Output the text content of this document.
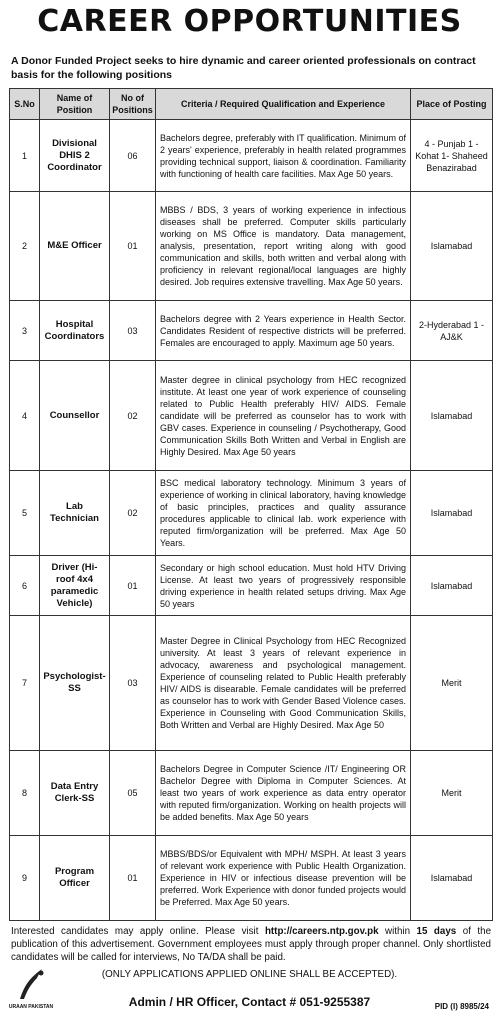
CAREER OPPORTUNITIES
A Donor Funded Project seeks to hire dynamic and career oriented professionals on contract basis for the following positions
S.No	Name of Position	No of Positions	Criteria / Required Qualification and Experience	Place of Posting
1	Divisional DHIS 2 Coordinator	06	Bachelors degree, preferably with IT qualification. Minimum of 2 years' experience, preferably in health related programmes providing technical support, liaison & coordination. Familiarity with functioning of health care facilities. Max Age 50 years.	4 - Punjab 1 - Kohat 1- Shaheed Benazirabad
2	M&E Officer	01	MBBS / BDS, 3 years of working experience in infectious diseases shall be preferred. Computer skills particularly working on MS Office is mandatory. Data management, analysis, presentation, report writing along with good communication and skills, both written and verbal along with proficiency in relevant regional/local languages are highly desired. Job requires extensive travelling. Max Age 50 years.	Islamabad
3	Hospital Coordinators	03	Bachelors degree with 2 Years experience in Health Sector. Candidates Resident of respective districts will be preferred. Females are encouraged to apply. Maximum age 50 years.	2-Hyderabad 1 - AJ&K
4	Counsellor	02	Master degree in clinical psychology from HEC recognized institute. At least one year of work experience of counseling related to Public Health preferably HIV/ AIDS. Female candidate will be preferred as counselor has to work with GBV cases. Experience in counseling / Psychotherapy, Good Communication Skills Both Written and Verbal in English are Highly Desired. Max Age 50 years	Islamabad
5	Lab Technician	02	BSC medical laboratory technology. Minimum 3 years of experience of working in clinical laboratory, having knowledge of basic principles, practices and quality assurance procedures applicable to clinical lab. work experience with reputed firm/organization will be preferred. Max Age 50 Years.	Islamabad
6	Driver (Hi-roof 4x4 paramedic Vehicle)	01	Secondary or high school education. Must hold HTV Driving License. At least two years of progressively responsible driving experience in health related setups driving. Max Age 50 years	Islamabad
7	Psychologist-SS	03	Master Degree in Clinical Psychology from HEC Recognized university. At least 3 years of relevant experience in advocacy, awareness and psychological management. Experience of counseling related to Public Health preferably HIV/ AIDS is disearable. Female candidates will be preferred as counselor has to work with Gender Based Violence cases. Experience in Counseling with Good Communication Skills, Both Written and Verbal are Highly Desired. Max Age 50	Merit
8	Data Entry Clerk-SS	05	Bachelors Degree in Computer Science /IT/ Engineering OR Bachelor Degree with Diploma in Computer Sciences. At least two years of work experience as data entry operator with reputed firm/organization. Working on health projects will be added benefits. Max Age 50 years	Merit
9	Program Officer	01	MBBS/BDS/or Equivalent with MPH/ MSPH. At least 3 years of relevant work experience with Public Health Organization. Experience in HIV or infectious disease prevention will be preferred. Work Experience with donor funded projects would be Preferred. Max Age 50 years.	Islamabad
Interested candidates may apply online. Please visit http://careers.ntp.gov.pk within 15 days of the publication of this advertisement. Government employees must apply through proper channel. Only shortlisted candidates will be called for interviews, No TA/DA shall be paid.
(ONLY APPLICATIONS APPLIED ONLINE SHALL BE ACCEPTED).
URAAN PAKISTAN	Admin / HR Officer, Contact # 051-9255387	PID (I) 8985/24
